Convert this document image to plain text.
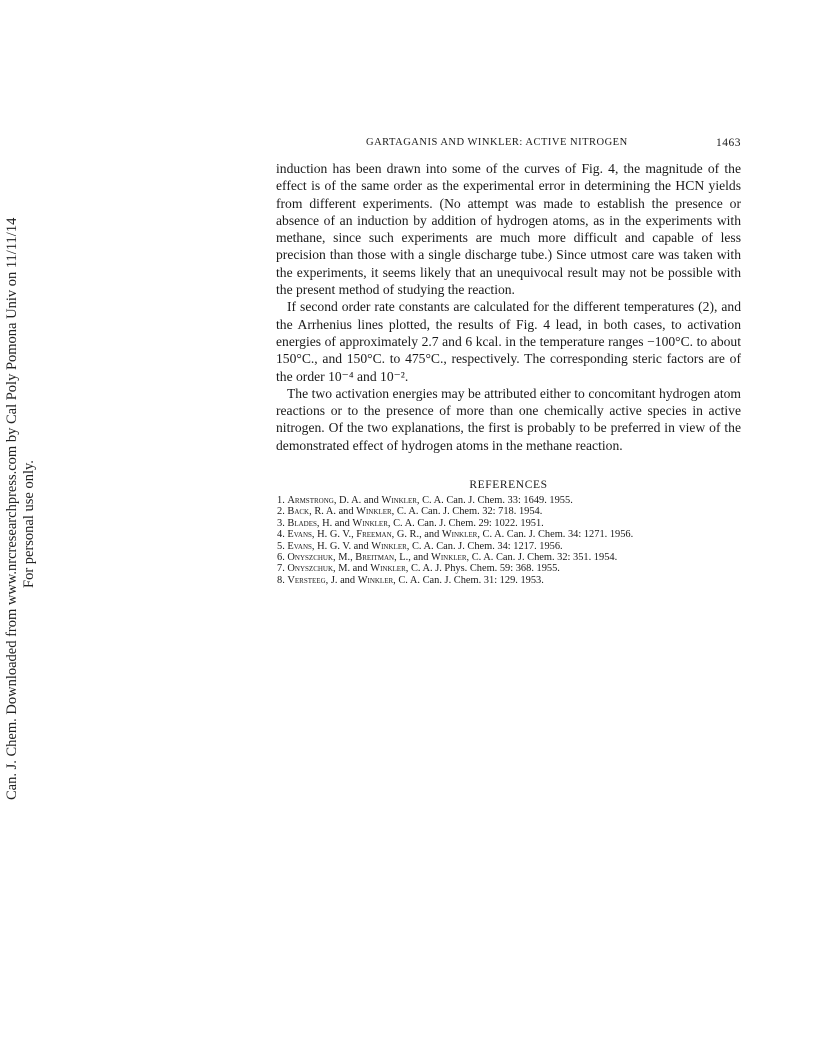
Can. J. Chem. Downloaded from www.nrcresearchpress.com by Cal Poly Pomona Univ on 11/11/14 For personal use only.
GARTAGANIS AND WINKLER: ACTIVE NITROGEN	1463

induction has been drawn into some of the curves of Fig. 4, the magnitude of the effect is of the same order as the experimental error in determining the HCN yields from different experiments. (No attempt was made to establish the presence or absence of an induction by addition of hydrogen atoms, as in the experiments with methane, since such experiments are much more difficult and capable of less precision than those with a single discharge tube.) Since utmost care was taken with the experiments, it seems likely that an unequivocal result may not be possible with the present method of studying the reaction.

If second order rate constants are calculated for the different temperatures (2), and the Arrhenius lines plotted, the results of Fig. 4 lead, in both cases, to activation energies of approximately 2.7 and 6 kcal. in the temperature ranges −100°C. to about 150°C., and 150°C. to 475°C., respectively. The corresponding steric factors are of the order 10⁻⁴ and 10⁻².

The two activation energies may be attributed either to concomitant hydrogen atom reactions or to the presence of more than one chemically active species in active nitrogen. Of the two explanations, the first is probably to be preferred in view of the demonstrated effect of hydrogen atoms in the methane reaction.

REFERENCES
1. Armstrong, D. A. and Winkler, C. A. Can. J. Chem. 33: 1649. 1955.
2. Back, R. A. and Winkler, C. A. Can. J. Chem. 32: 718. 1954.
3. Blades, H. and Winkler, C. A. Can. J. Chem. 29: 1022. 1951.
4. Evans, H. G. V., Freeman, G. R., and Winkler, C. A. Can. J. Chem. 34: 1271. 1956.
5. Evans, H. G. V. and Winkler, C. A. Can. J. Chem. 34: 1217. 1956.
6. Onyszchuk, M., Breitman, L., and Winkler, C. A. Can. J. Chem. 32: 351. 1954.
7. Onyszchuk, M. and Winkler, C. A. J. Phys. Chem. 59: 368. 1955.
8. Versteeg, J. and Winkler, C. A. Can. J. Chem. 31: 129. 1953.
